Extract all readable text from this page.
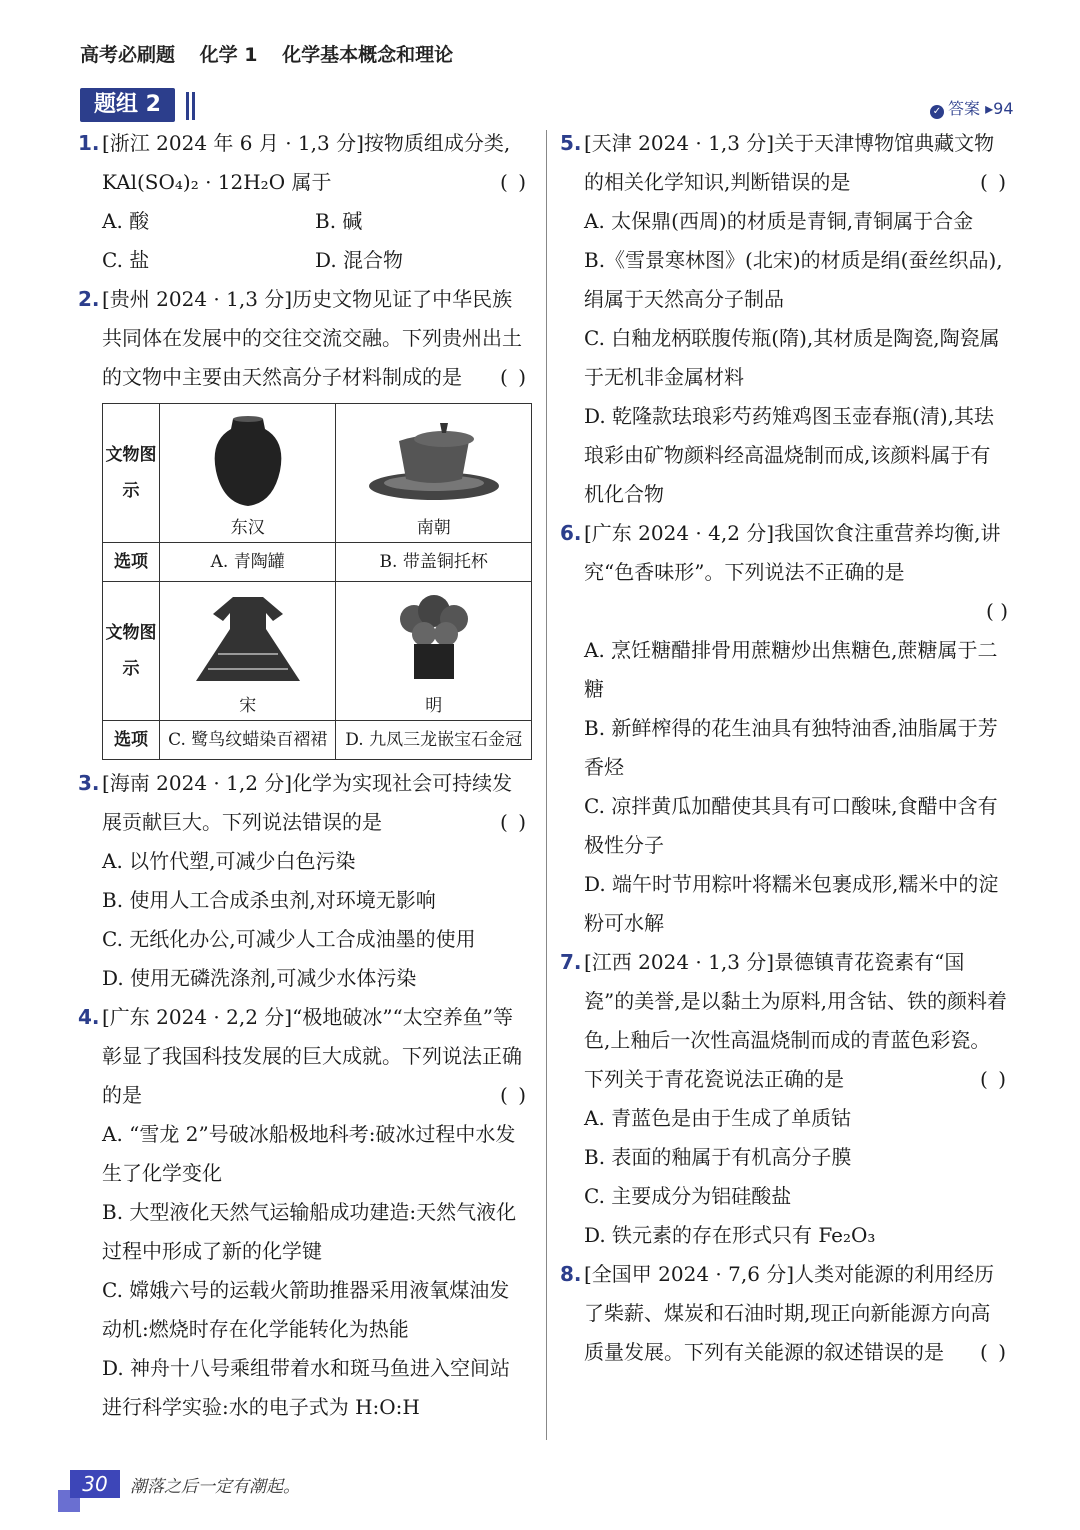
高考必刷题 化学 1 化学基本概念和理论
题组 2	✓ 答案 ▸94
1. [浙江 2024 年 6 月 · 1,3 分]按物质组成分类,
KAl(SO₄)₂ · 12H₂O 属于	( )
A. 酸	B. 碱
C. 盐	D. 混合物
2. [贵州 2024 · 1,3 分]历史文物见证了中华民族共同体在发展中的交往交流交融。下列贵州出土的文物中主要由天然高分子材料制成的是 ( )
文物图示	东汉	南朝

选项	A. 青陶罐	B. 带盖铜托杯
文物图示	宋	明

选项	C. 鹭鸟纹蜡染百褶裙	D. 九凤三龙嵌宝石金冠
3. [海南 2024 · 1,2 分]化学为实现社会可持续发展贡献巨大。下列说法错误的是	( )
A. 以竹代塑,可减少白色污染
B. 使用人工合成杀虫剂,对环境无影响
C. 无纸化办公,可减少人工合成油墨的使用
D. 使用无磷洗涤剂,可减少水体污染
4. [广东 2024 · 2,2 分]“极地破冰”“太空养鱼”等彰显了我国科技发展的巨大成就。下列说法正确的是	( )
A. “雪龙 2”号破冰船极地科考:破冰过程中水发生了化学变化
B. 大型液化天然气运输船成功建造:天然气液化过程中形成了新的化学键
C. 嫦娥六号的运载火箭助推器采用液氧煤油发动机:燃烧时存在化学能转化为热能
D. 神舟十八号乘组带着水和斑马鱼进入空间站进行科学实验:水的电子式为 H:O:H
5. [天津 2024 · 1,3 分]关于天津博物馆典藏文物的相关化学知识,判断错误的是	( )
A. 太保鼎(西周)的材质是青铜,青铜属于合金
B.《雪景寒林图》(北宋)的材质是绢(蚕丝织品),绢属于天然高分子制品
C. 白釉龙柄联腹传瓶(隋),其材质是陶瓷,陶瓷属于无机非金属材料
D. 乾隆款珐琅彩芍药雉鸡图玉壶春瓶(清),其珐琅彩由矿物颜料经高温烧制而成,该颜料属于有机化合物
6. [广东 2024 · 4,2 分]我国饮食注重营养均衡,讲究“色香味形”。下列说法不正确的是
( )
A. 烹饪糖醋排骨用蔗糖炒出焦糖色,蔗糖属于二糖
B. 新鲜榨得的花生油具有独特油香,油脂属于芳香烃
C. 凉拌黄瓜加醋使其具有可口酸味,食醋中含有极性分子
D. 端午时节用粽叶将糯米包裹成形,糯米中的淀粉可水解
7. [江西 2024 · 1,3 分]景德镇青花瓷素有“国瓷”的美誉,是以黏土为原料,用含钴、铁的颜料着色,上釉后一次性高温烧制而成的青蓝色彩瓷。下列关于青花瓷说法正确的是	( )
A. 青蓝色是由于生成了单质钴
B. 表面的釉属于有机高分子膜
C. 主要成分为铝硅酸盐
D. 铁元素的存在形式只有 Fe₂O₃
8. [全国甲 2024 · 7,6 分]人类对能源的利用经历了柴薪、煤炭和石油时期,现正向新能源方向高质量发展。下列有关能源的叙述错误的是 ( )
30	潮落之后一定有潮起。
